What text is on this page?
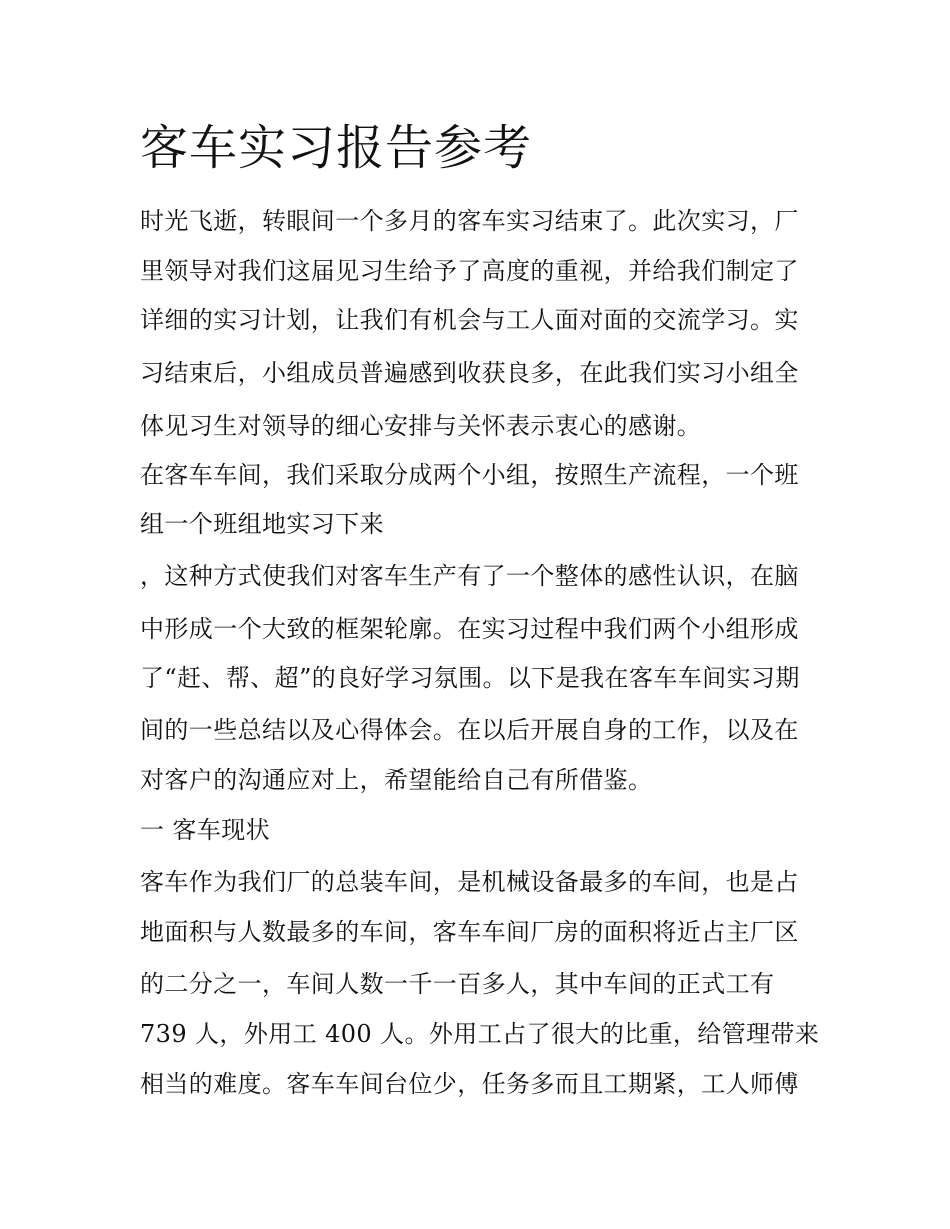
客车实习报告参考

时光飞逝，转眼间一个多月的客车实习结束了。此次实习，厂

里领导对我们这届见习生给予了高度的重视，并给我们制定了

详细的实习计划，让我们有机会与工人面对面的交流学习。实

习结束后，小组成员普遍感到收获良多，在此我们实习小组全

体见习生对领导的细心安排与关怀表示衷心的感谢。

在客车车间，我们采取分成两个小组，按照生产流程，一个班

组一个班组地实习下来

，这种方式使我们对客车生产有了一个整体的感性认识，在脑

中形成一个大致的框架轮廓。在实习过程中我们两个小组形成

了“赶、帮、超”的良好学习氛围。以下是我在客车车间实习期

间的一些总结以及心得体会。在以后开展自身的工作，以及在

对客户的沟通应对上，希望能给自己有所借鉴。

一 客车现状

客车作为我们厂的总装车间，是机械设备最多的车间，也是占

地面积与人数最多的车间，客车车间厂房的面积将近占主厂区

的二分之一，车间人数一千一百多人，其中车间的正式工有

739 人，外用工 400 人。外用工占了很大的比重，给管理带来

相当的难度。客车车间台位少，任务多而且工期紧，工人师傅
